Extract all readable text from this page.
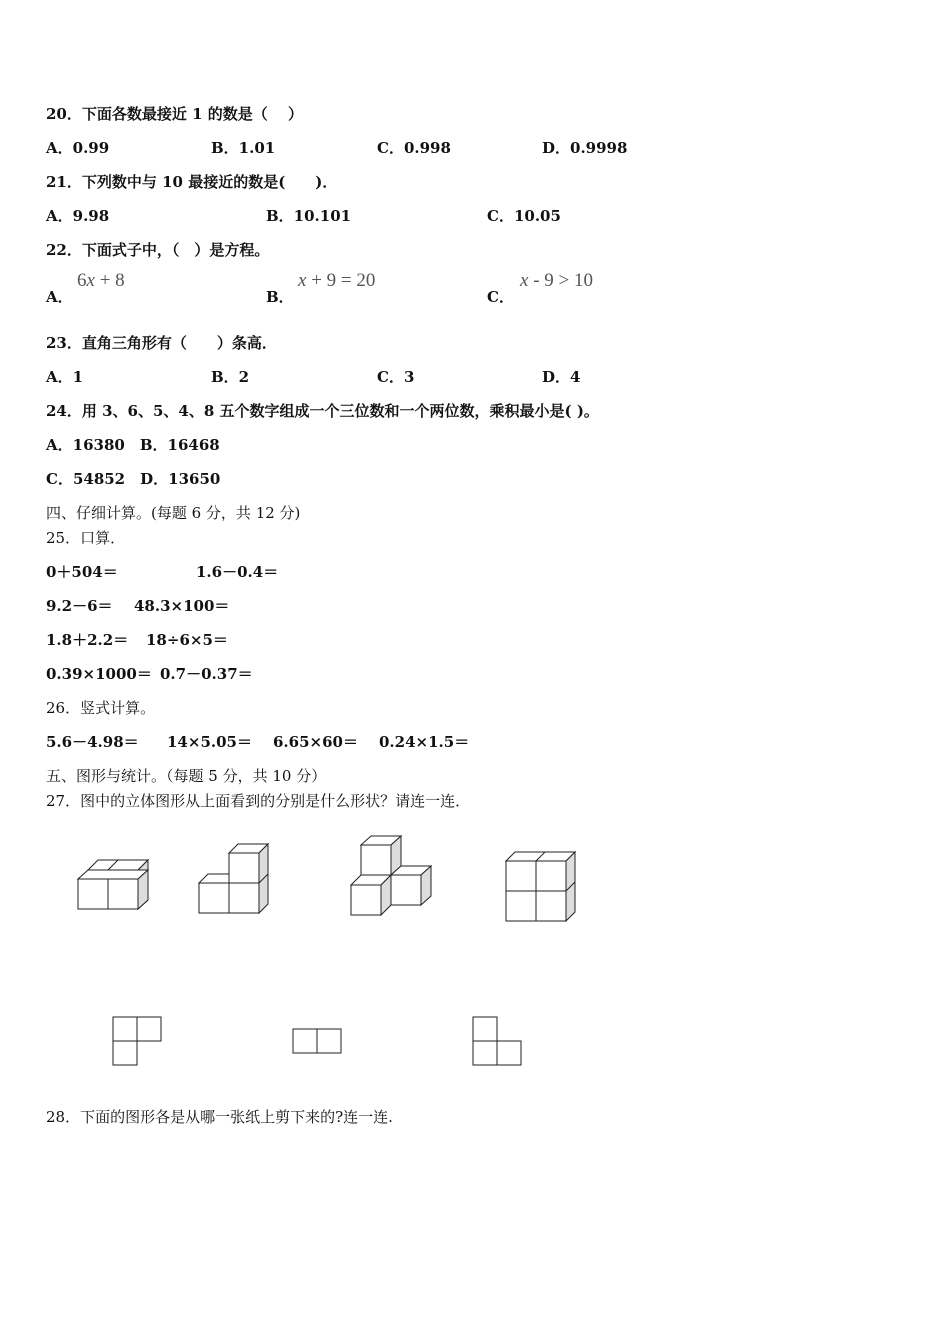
20．下面各数最接近 1 的数是（　 ）
A．0.99	B．1.01	C．0.998	D．0.9998
21．下列数中与 10 最接近的数是(　　)．
A．9.98	B．10.101	C．10.05
22．下面式子中，（　）是方程。
A．
6x + 8
B．
x + 9 = 20
C．
x - 9 > 10
23．直角三角形有（　　）条高．
A．1	B．2	C．3	D．4
24．用 3、6、5、4、8 五个数字组成一个三位数和一个两位数，乘积最小是( )。
A．16380　B．16468
C．54852　D．13650
四、仔细计算。(每题 6 分，共 12 分)
25．口算．
0＋504＝	1.6－0.4＝
9.2－6＝ 48.3×100＝
1.8＋2.2＝ 18÷6×5＝
0.39×1000＝ 0.7－0.37＝
26．竖式计算。
5.6－4.98＝ 14×5.05＝ 6.65×60＝ 0.24×1.5＝
五、图形与统计。（每题 5 分，共 10 分）
27．图中的立体图形从上面看到的分别是什么形状？请连一连．
28．下面的图形各是从哪一张纸上剪下来的?连一连.
